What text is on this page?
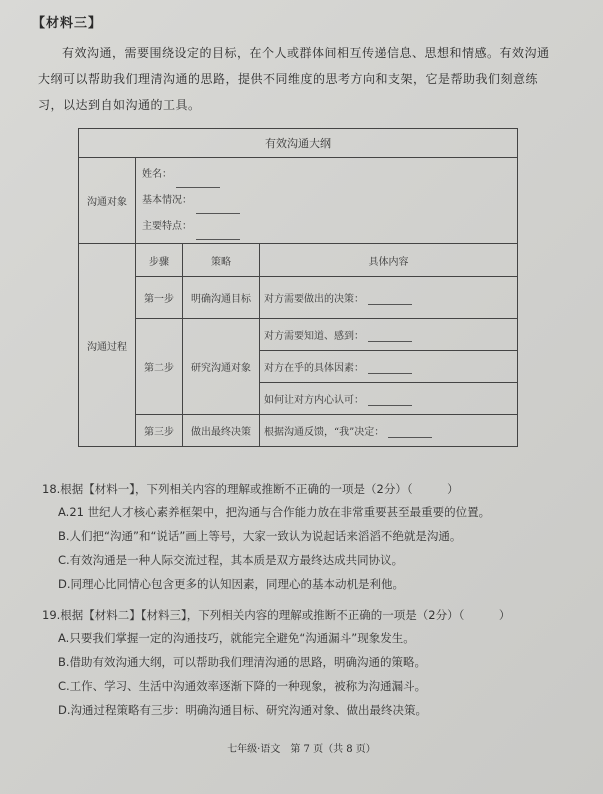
【材料三】
有效沟通，需要围绕设定的目标，在个人或群体间相互传递信息、思想和情感。有效沟通大纲可以帮助我们理清沟通的思路，提供不同维度的思考方向和支架，它是帮助我们刻意练习，以达到自如沟通的工具。
有效沟通大纲			
沟通对象	姓名：
基本情况：
主要特点：		

沟通过程	步骤	策略	具体内容
	第一步	明确沟通目标	对方需要做出的决策：
	第二步	研究沟通对象	对方需要知道、感到：
			对方在乎的具体因素：
			如何让对方内心认可：
	第三步	做出最终决策	根据沟通反馈，“我”决定：
18.根据【材料一】，下列相关内容的理解或推断不正确的一项是（2分）（　　　）
A.21 世纪人才核心素养框架中，把沟通与合作能力放在非常重要甚至最重要的位置。
B.人们把“沟通”和“说话”画上等号，大家一致认为说起话来滔滔不绝就是沟通。
C.有效沟通是一种人际交流过程，其本质是双方最终达成共同协议。
D.同理心比同情心包含更多的认知因素，同理心的基本动机是利他。
19.根据【材料二】【材料三】，下列相关内容的理解或推断不正确的一项是（2分）（　　　）
A.只要我们掌握一定的沟通技巧，就能完全避免“沟通漏斗”现象发生。
B.借助有效沟通大纲，可以帮助我们理清沟通的思路，明确沟通的策略。
C.工作、学习、生活中沟通效率逐渐下降的一种现象，被称为沟通漏斗。
D.沟通过程策略有三步：明确沟通目标、研究沟通对象、做出最终决策。
七年级·语文　第 7 页（共 8 页）
